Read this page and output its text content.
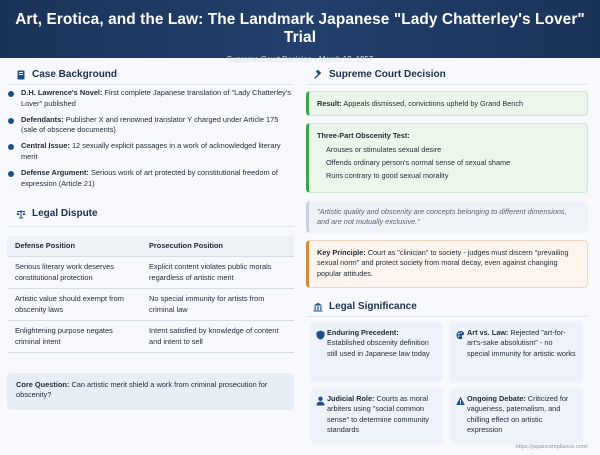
Art, Erotica, and the Law: The Landmark Japanese "Lady Chatterley's Lover" Trial
Supreme Court Decision • March 13, 1957
Case Background
D.H. Lawrence's Novel: First complete Japanese translation of "Lady Chatterley's Lover" published
Defendants: Publisher X and renowned translator Y charged under Article 175 (sale of obscene documents)
Central Issue: 12 sexually explicit passages in a work of acknowledged literary merit
Defense Argument: Serious work of art protected by constitutional freedom of expression (Article 21)
Legal Dispute
Defense Position	Prosecution Position
Serious literary work deserves constitutional protection	Explicit content violates public morals regardless of artistic merit
Artistic value should exempt from obscenity laws	No special immunity for artists from criminal law
Enlightening purpose negates criminal intent	Intent satisfied by knowledge of content and intent to sell
Core Question: Can artistic merit shield a work from criminal prosecution for obscenity?
Supreme Court Decision
Result: Appeals dismissed, convictions upheld by Grand Bench
Three-Part Obscenity Test:
Arouses or stimulates sexual desire
Offends ordinary person's normal sense of sexual shame
Runs contrary to good sexual morality
"Artistic quality and obscenity are concepts belonging to different dimensions, and are not mutually exclusive."
Key Principle: Court as "clinician" to society - judges must discern "prevailing sexual norm" and protect society from moral decay, even against changing popular attitudes.
Legal Significance
Enduring Precedent: Established obscenity definition still used in Japanese law today
Art vs. Law: Rejected "art-for-art's-sake absolutism" - no special immunity for artistic works
Judicial Role: Courts as moral arbiters using "social common sense" to determine community standards
Ongoing Debate: Criticized for vagueness, paternalism, and chilling effect on artistic expression
https://japancompliance.com/
